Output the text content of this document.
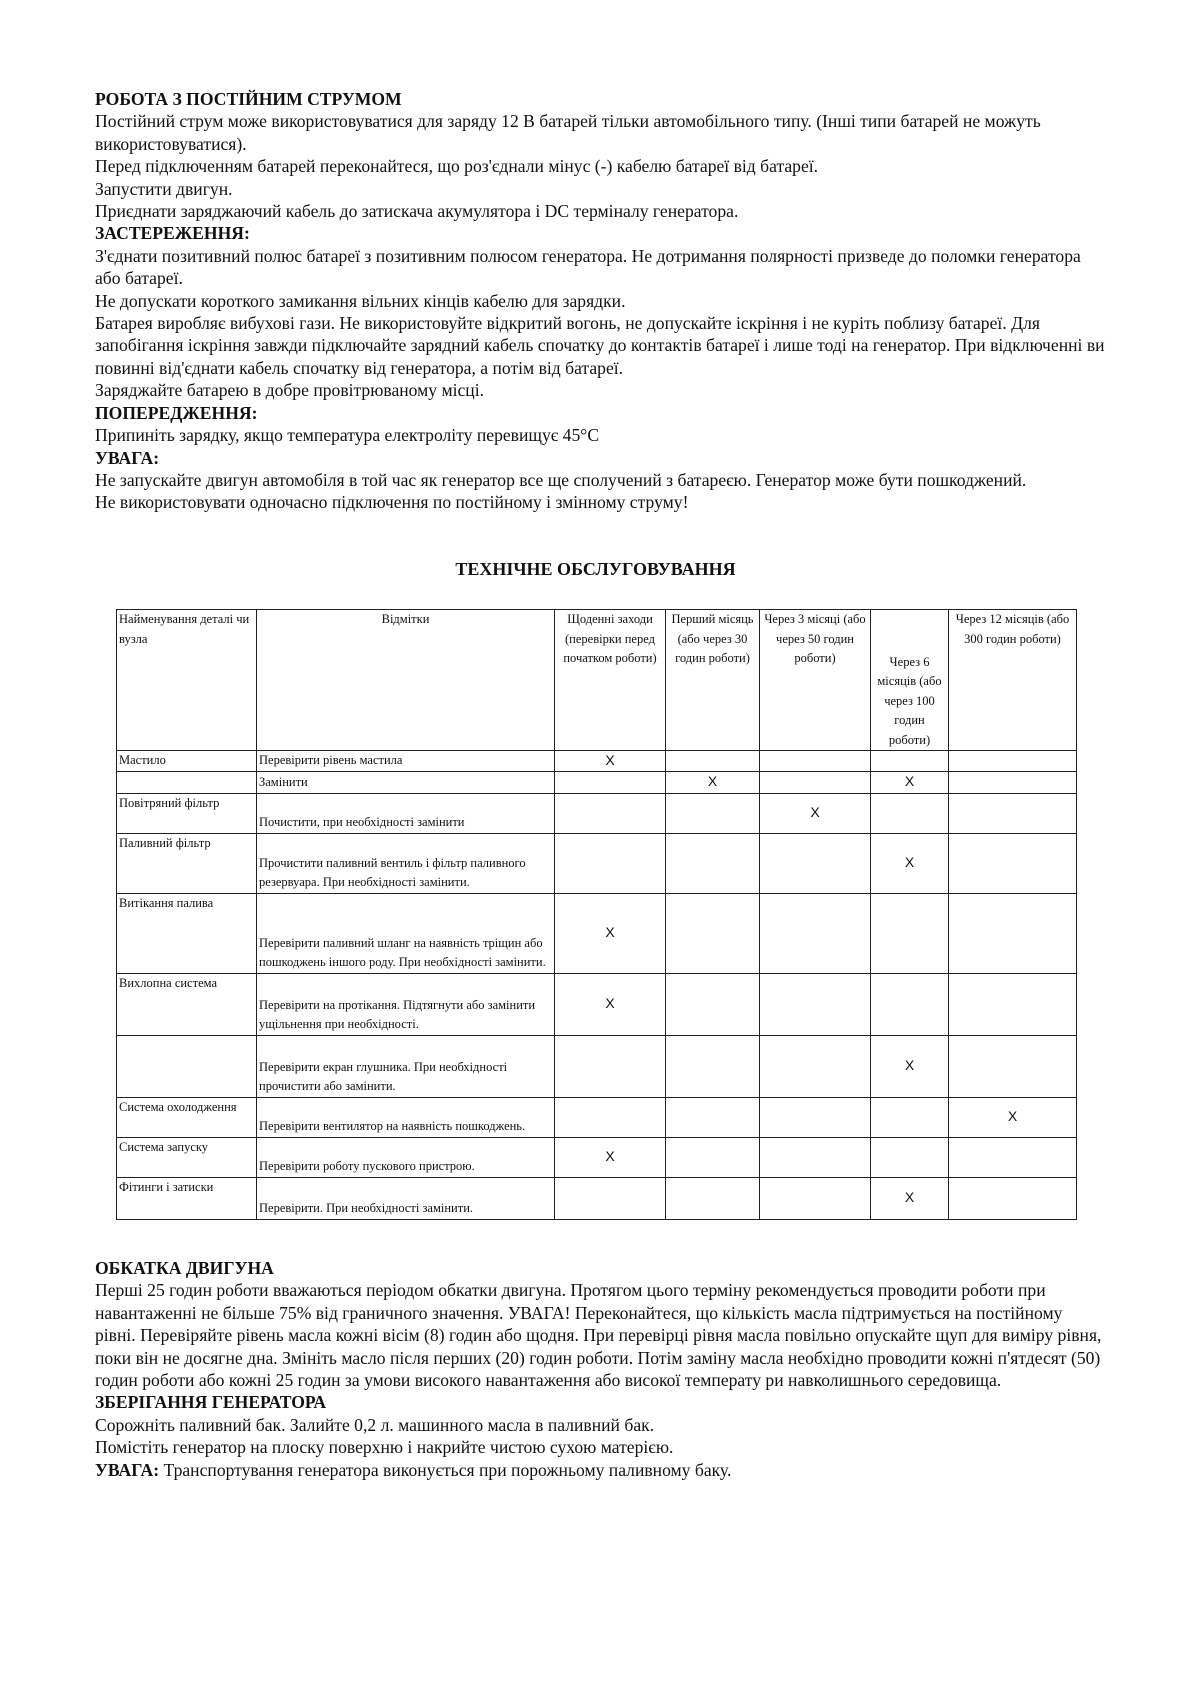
РОБОТА З ПОСТІЙНИМ СТРУМОМ

Постійний струм може використовуватися для заряду 12 В батарей тільки автомобільного типу. (Інші типи батарей не можуть використовуватися).

Перед підключенням батарей переконайтеся, що роз'єднали мінус (-) кабелю батареї від батареї.

Запустити двигун.

Приєднати заряджаючий кабель до затискача акумулятора і DC терміналу генератора.

ЗАСТЕРЕЖЕННЯ:

З'єднати позитивний полюс батареї з позитивним полюсом генератора. Не дотримання полярності призведе до поломки генератора або батареї.

Не допускати короткого замикання вільних кінців кабелю для зарядки.

Батарея виробляє вибухові гази. Не використовуйте відкритий вогонь, не допускайте іскріння і не куріть поблизу батареї. Для запобігання іскріння завжди підключайте зарядний кабель спочатку до контактів батареї і лише тоді на генератор. При відключенні ви повинні від'єднати кабель спочатку від генератора, а потім від батареї.

Заряджайте батарею в добре провітрюваному місці.

ПОПЕРЕДЖЕННЯ:

Припиніть зарядку, якщо температура електроліту перевищує 45°С

УВАГА:

Не запускайте двигун автомобіля в той час як генератор все ще сполучений з батареєю. Генератор може бути пошкоджений.

Не використовувати одночасно підключення по постійному і змінному струму!

ТЕХНІЧНЕ ОБСЛУГОВУВАННЯ

Найменування деталі чи вузла	Відмітки	Щоденні заходи (перевірки перед початком роботи)	Перший місяць (або через 30 годин роботи)	Через 3 місяці (або через 50 годин роботи)	Через 6 місяців (або через 100 годин роботи)	Через 12 місяців (або 300 годин роботи)
Мастило	Перевірити рівень мастила	X				
	Замінити		X		X	
Повітряний фільтр	Почистити, при необхідності замінити			X		
Паливний фільтр	Прочистити паливний вентиль і фільтр паливного резервуара. При необхідності замінити.				X	
Витікання палива	Перевірити паливний шланг на наявність тріщин або пошкоджень іншого роду. При необхідності замінити.	X				
Вихлопна система	Перевірити на протікання. Підтягнути або замінити ущільнення при необхідності.	X				
	Перевірити екран глушника. При необхідності прочистити або замінити.				X	
Система охолодження	Перевірити вентилятор на наявність пошкоджень.					X
Система запуску	Перевірити роботу пускового пристрою.	X				
Фітинги і затиски	Перевірити. При необхідності замінити.				X	

ОБКАТКА ДВИГУНА

Перші 25 годин роботи вважаються періодом обкатки двигуна. Протягом цього терміну рекомендується проводити роботи при навантаженні не більше 75% від граничного значення. УВАГА! Переконайтеся, що кількість масла підтримується на постійному рівні. Перевіряйте рівень масла кожні вісім (8) годин або щодня. При перевірці рівня масла повільно опускайте щуп для виміру рівня, поки він не досягне дна. Змініть масло після перших (20) годин роботи. Потім заміну масла необхідно проводити кожні п'ятдесят (50) годин роботи або кожні 25 годин за умови високого навантаження або високої температу ри навколишнього середовища.

ЗБЕРІГАННЯ ГЕНЕРАТОРА

Сорожніть паливний бак. Залийте 0,2 л. машинного масла в паливний бак.

Помістіть генератор на плоску поверхню і накрийте чистою сухою матерією.

УВАГА: Транспортування генератора виконується при порожньому паливному баку.
